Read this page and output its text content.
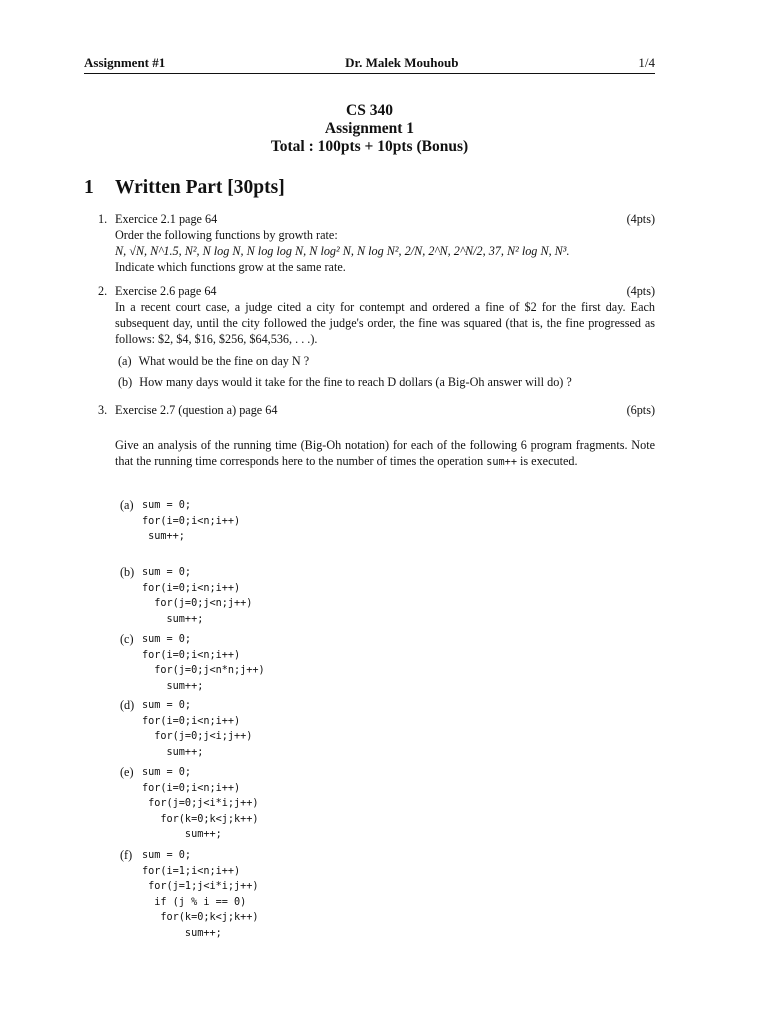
Assignment #1	Dr. Malek Mouhoub	1/4
CS 340
Assignment 1
Total : 100pts + 10pts (Bonus)
1 Written Part [30pts]
1.	(4pts)

Exercice 2.1 page 64

Order the following functions by growth rate:

N, √N, N^1.5, N², N log N, N log log N, N log² N, N log N², 2/N, 2^N, 2^N/2, 37, N² log N, N³.

Indicate which functions grow at the same rate.

2.	(4pts)

Exercise 2.6 page 64

In a recent court case, a judge cited a city for contempt and ordered a fine of $2 for the first day. Each subsequent day, until the city followed the judge's order, the fine was squared (that is, the fine progressed as follows: $2, $4, $16, $256, $64,536, . . .).

(a) What would be the fine on day N ?
(b) How many days would it take for the fine to reach D dollars (a Big-Oh answer will do) ?
3.	(6pts)

Exercise 2.7 (question a) page 64

Give an analysis of the running time (Big-Oh notation) for each of the following 6 program fragments. Note that the running time corresponds here to the number of times the operation sum++ is executed.
(a) sum = 0;
for(i=0;i<n;i++)
sum++;
(b) sum = 0;
for(i=0;i<n;i++)
for(j=0;j<n;j++)
sum++;
(c) sum = 0;
for(i=0;i<n;i++)
for(j=0;j<n*n;j++)
sum++;
(d) sum = 0;
for(i=0;i<n;i++)
for(j=0;j<i;j++)
sum++;
(e) sum = 0;
for(i=0;i<n;i++)
for(j=0;j<i*i;j++)
for(k=0;k<j;k++)
sum++;
(f) sum = 0;
for(i=1;i<n;i++)
for(j=1;j<i*i;j++)
if (j % i == 0)
for(k=0;k<j;k++)
sum++;
